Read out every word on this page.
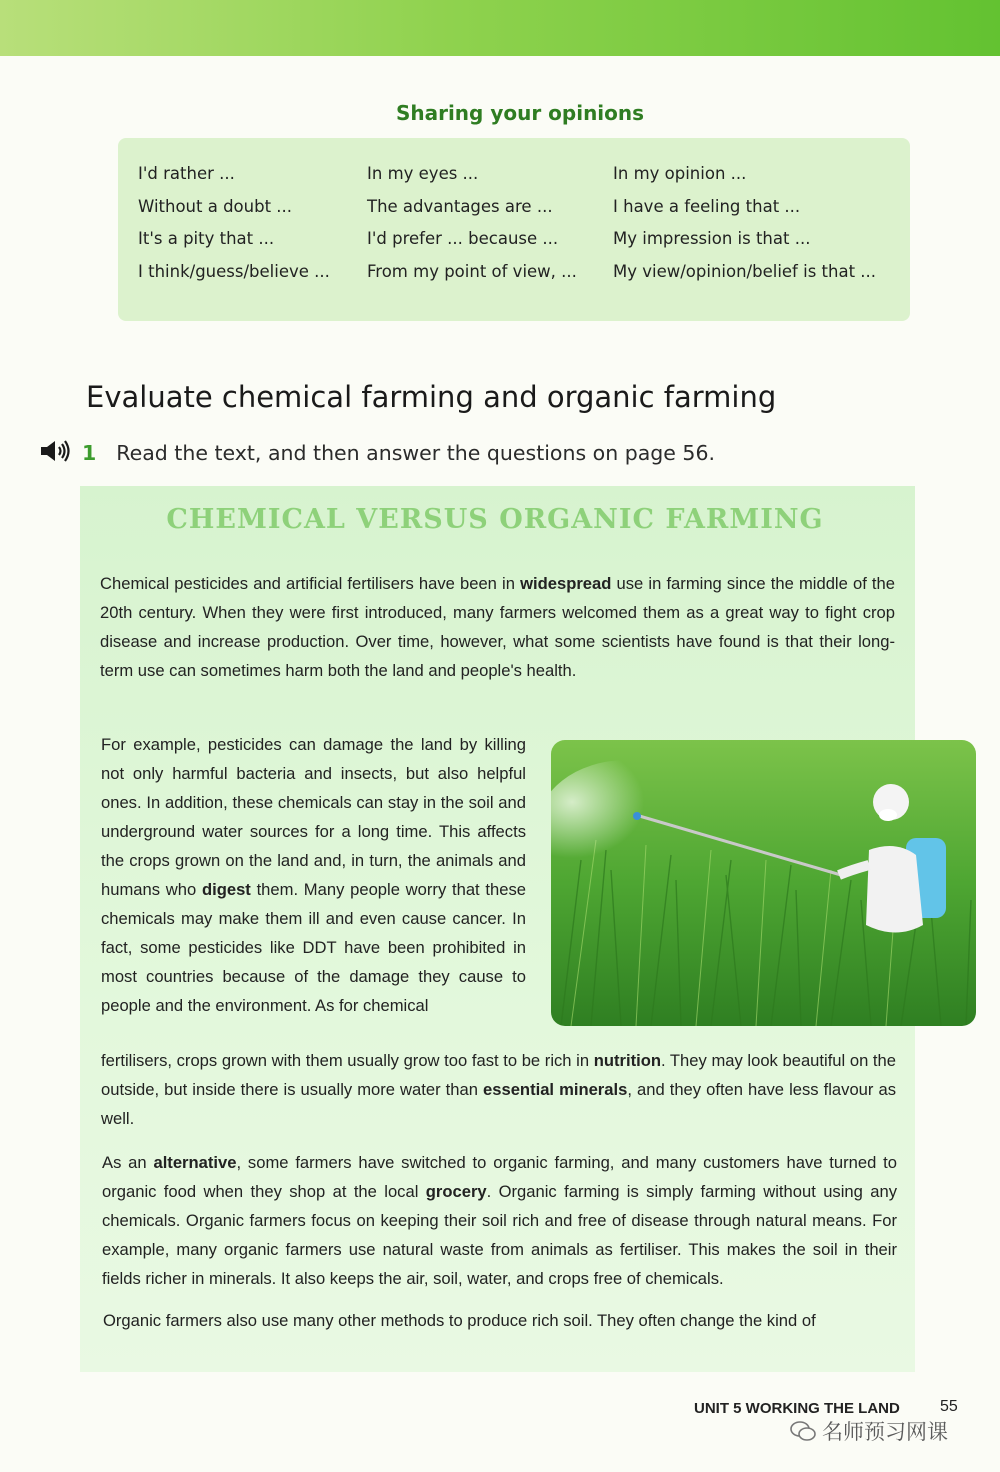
Sharing your opinions
I'd rather ...
Without a doubt ...
It's a pity that ...
I think/guess/believe ...
In my eyes ...
The advantages are ...
I'd prefer ... because ...
From my point of view, ...
In my opinion ...
I have a feeling that ...
My impression is that ...
My view/opinion/belief is that ...
Evaluate chemical farming and organic farming
1 Read the text, and then answer the questions on page 56.
CHEMICAL VERSUS ORGANIC FARMING
Chemical pesticides and artificial fertilisers have been in widespread use in farming since the middle of the 20th century. When they were first introduced, many farmers welcomed them as a great way to fight crop disease and increase production. Over time, however, what some scientists have found is that their long-term use can sometimes harm both the land and people's health.
For example, pesticides can damage the land by killing not only harmful bacteria and insects, but also helpful ones. In addition, these chemicals can stay in the soil and underground water sources for a long time. This affects the crops grown on the land and, in turn, the animals and humans who digest them. Many people worry that these chemicals may make them ill and even cause cancer. In fact, some pesticides like DDT have been prohibited in most countries because of the damage they cause to people and the environment. As for chemical
fertilisers, crops grown with them usually grow too fast to be rich in nutrition. They may look beautiful on the outside, but inside there is usually more water than essential minerals, and they often have less flavour as well.
As an alternative, some farmers have switched to organic farming, and many customers have turned to organic food when they shop at the local grocery. Organic farming is simply farming without using any chemicals. Organic farmers focus on keeping their soil rich and free of disease through natural means. For example, many organic farmers use natural waste from animals as fertiliser. This makes the soil in their fields richer in minerals. It also keeps the air, soil, water, and crops free of chemicals.
Organic farmers also use many other methods to produce rich soil. They often change the kind of
UNIT 5 WORKING THE LAND	55
名师预习网课
